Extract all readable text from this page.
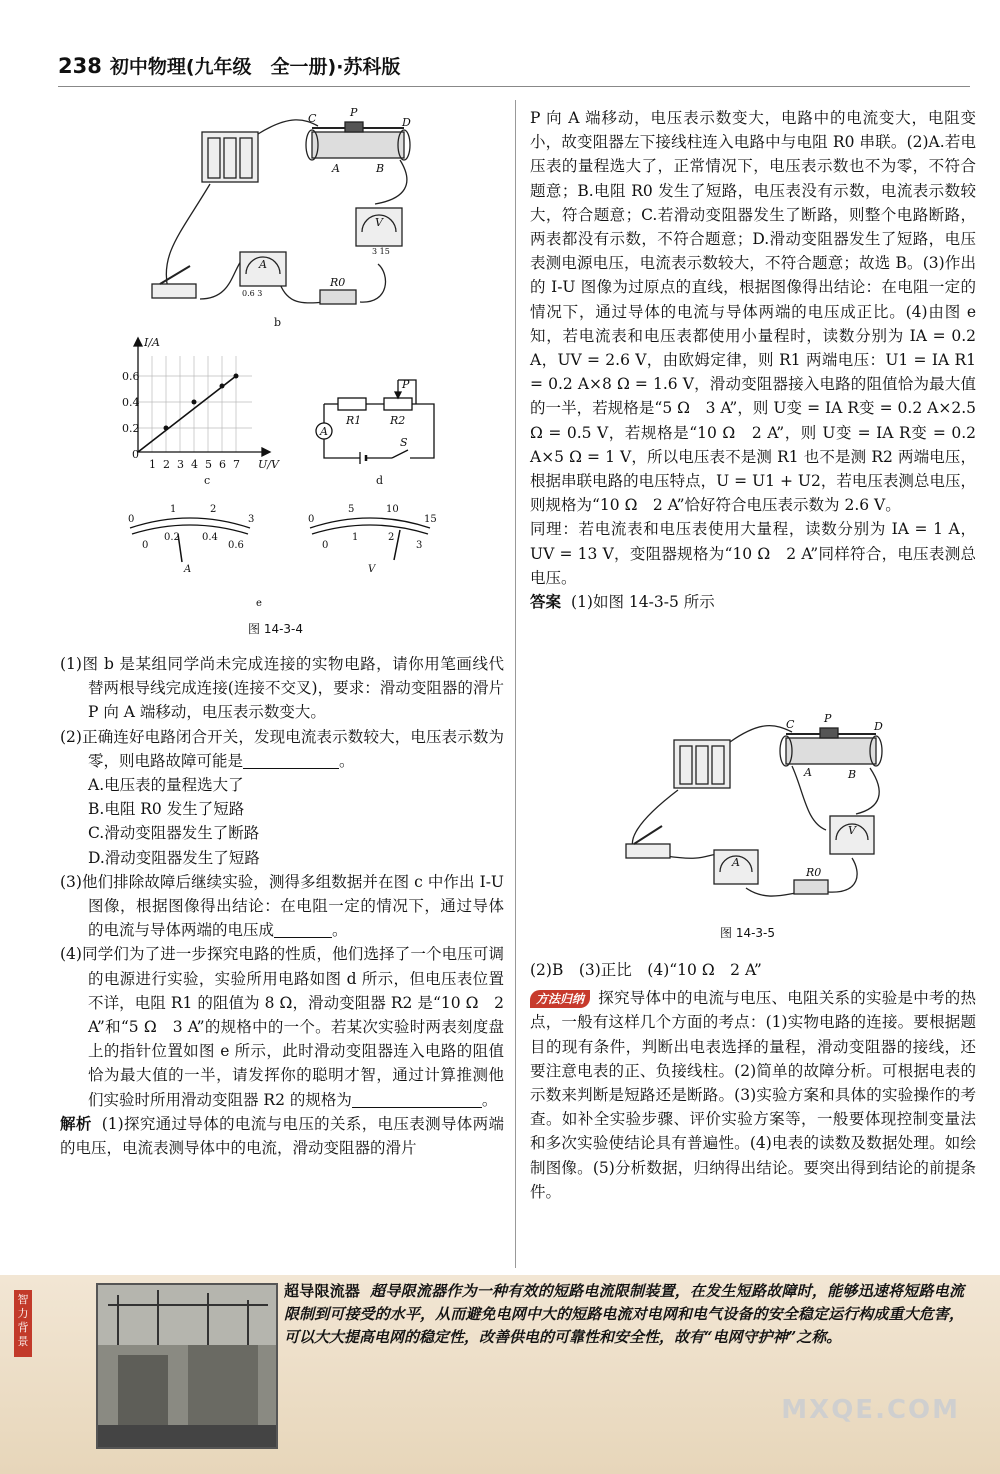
238 初中物理(九年级　全一册)·苏科版
C	P
D
A	B
R0
A
V
0.6 3
3 15
b
I/A
U/V
0.6
0.4
0.2
0
1 2 3 4 5 6 7
c
P
R1	R2
A
S
d
0
1	2
3
0
0.2 0.4
0.6
A
0
5	10
15
0
1	2
3
V
e
图 14-3-4

(1)图 b 是某组同学尚未完成连接的实物电路，请你用笔画线代替两根导线完成连接(连接不交叉)，要求：滑动变阻器的滑片 P 向 A 端移动，电压表示数变大。

(2)正确连好电路闭合开关，发现电流表示数较大，电压表示数为零，则电路故障可能是	。

A.电压表的量程选大了

B.电阻 R0 发生了短路

C.滑动变阻器发生了断路

D.滑动变阻器发生了短路

(3)他们排除故障后继续实验，测得多组数据并在图 c 中作出 I-U 图像，根据图像得出结论：在电阻一定的情况下，通过导体的电流与导体两端的电压成	。

(4)同学们为了进一步探究电路的性质，他们选择了一个电压可调的电源进行实验，实验所用电路如图 d 所示，但电压表位置不详，电阻 R1 的阻值为 8 Ω，滑动变阻器 R2 是“10 Ω　2 A”和“5 Ω　3 A”的规格中的一个。若某次实验时两表刻度盘上的指针位置如图 e 所示，此时滑动变阻器连入电路的阻值恰为最大值的一半，请发挥你的聪明才智，通过计算推测他们实验时所用滑动变阻器 R2 的规格为	。

解析 (1)探究通过导体的电流与电压的关系，电压表测导体两端的电压，电流表测导体中的电流，滑动变阻器的滑片

P 向 A 端移动，电压表示数变大，电路中的电流变大，电阻变小，故变阻器左下接线柱连入电路中与电阻 R0 串联。(2)A.若电压表的量程选大了，正常情况下，电压表示数也不为零，不符合题意；B.电阻 R0 发生了短路，电压表没有示数，电流表示数较大，符合题意；C.若滑动变阻器发生了断路，则整个电路断路，两表都没有示数，不符合题意；D.滑动变阻器发生了短路，电压表测电源电压，电流表示数较大，不符合题意；故选 B。(3)作出的 I-U 图像为过原点的直线，根据图像得出结论：在电阻一定的情况下，通过导体的电流与导体两端的电压成正比。(4)由图 e 知，若电流表和电压表都使用小量程时，读数分别为 IA = 0.2 A，UV = 2.6 V，由欧姆定律，则 R1 两端电压：U1 = IA R1 = 0.2 A×8 Ω = 1.6 V，滑动变阻器接入电路的阻值恰为最大值的一半，若规格是“5 Ω　3 A”，则 U变 = IA R变 = 0.2 A×2.5 Ω = 0.5 V，若规格是“10 Ω　2 A”，则 U变 = IA R变 = 0.2 A×5 Ω = 1 V，所以电压表不是测 R1 也不是测 R2 两端电压，根据串联电路的电压特点，U = U1 + U2，若电压表测总电压，则规格为“10 Ω　2 A”恰好符合电压表示数为 2.6 V。

同理：若电流表和电压表使用大量程，读数分别为 IA = 1 A，UV = 13 V，变阻器规格为“10 Ω　2 A”同样符合，电压表测总电压。

答案 (1)如图 14-3-5 所示

C	P
D
A	B
R0
A
V
图 14-3-5

(2)B　(3)正比　(4)“10 Ω　2 A”

方法归纳 探究导体中的电流与电压、电阻关系的实验是中考的热点，一般有这样几个方面的考点：(1)实物电路的连接。要根据题目的现有条件，判断出电表选择的量程，滑动变阻器的接线，还要注意电表的正、负接线柱。(2)简单的故障分析。可根据电表的示数来判断是短路还是断路。(3)实验方案和具体的实验操作的考查。如补全实验步骤、评价实验方案等，一般要体现控制变量法和多次实验使结论具有普遍性。(4)电表的读数及数据处理。如绘制图像。(5)分析数据，归纳得出结论。要突出得到结论的前提条件。

智力背景
超导限流器 超导限流器作为一种有效的短路电流限制装置，在发生短路故障时，能够迅速将短路电流限制到可接受的水平，从而避免电网中大的短路电流对电网和电气设备的安全稳定运行构成重大危害，可以大大提高电网的稳定性，改善供电的可靠性和安全性，故有“电网守护神”之称。
MXQE.COM
